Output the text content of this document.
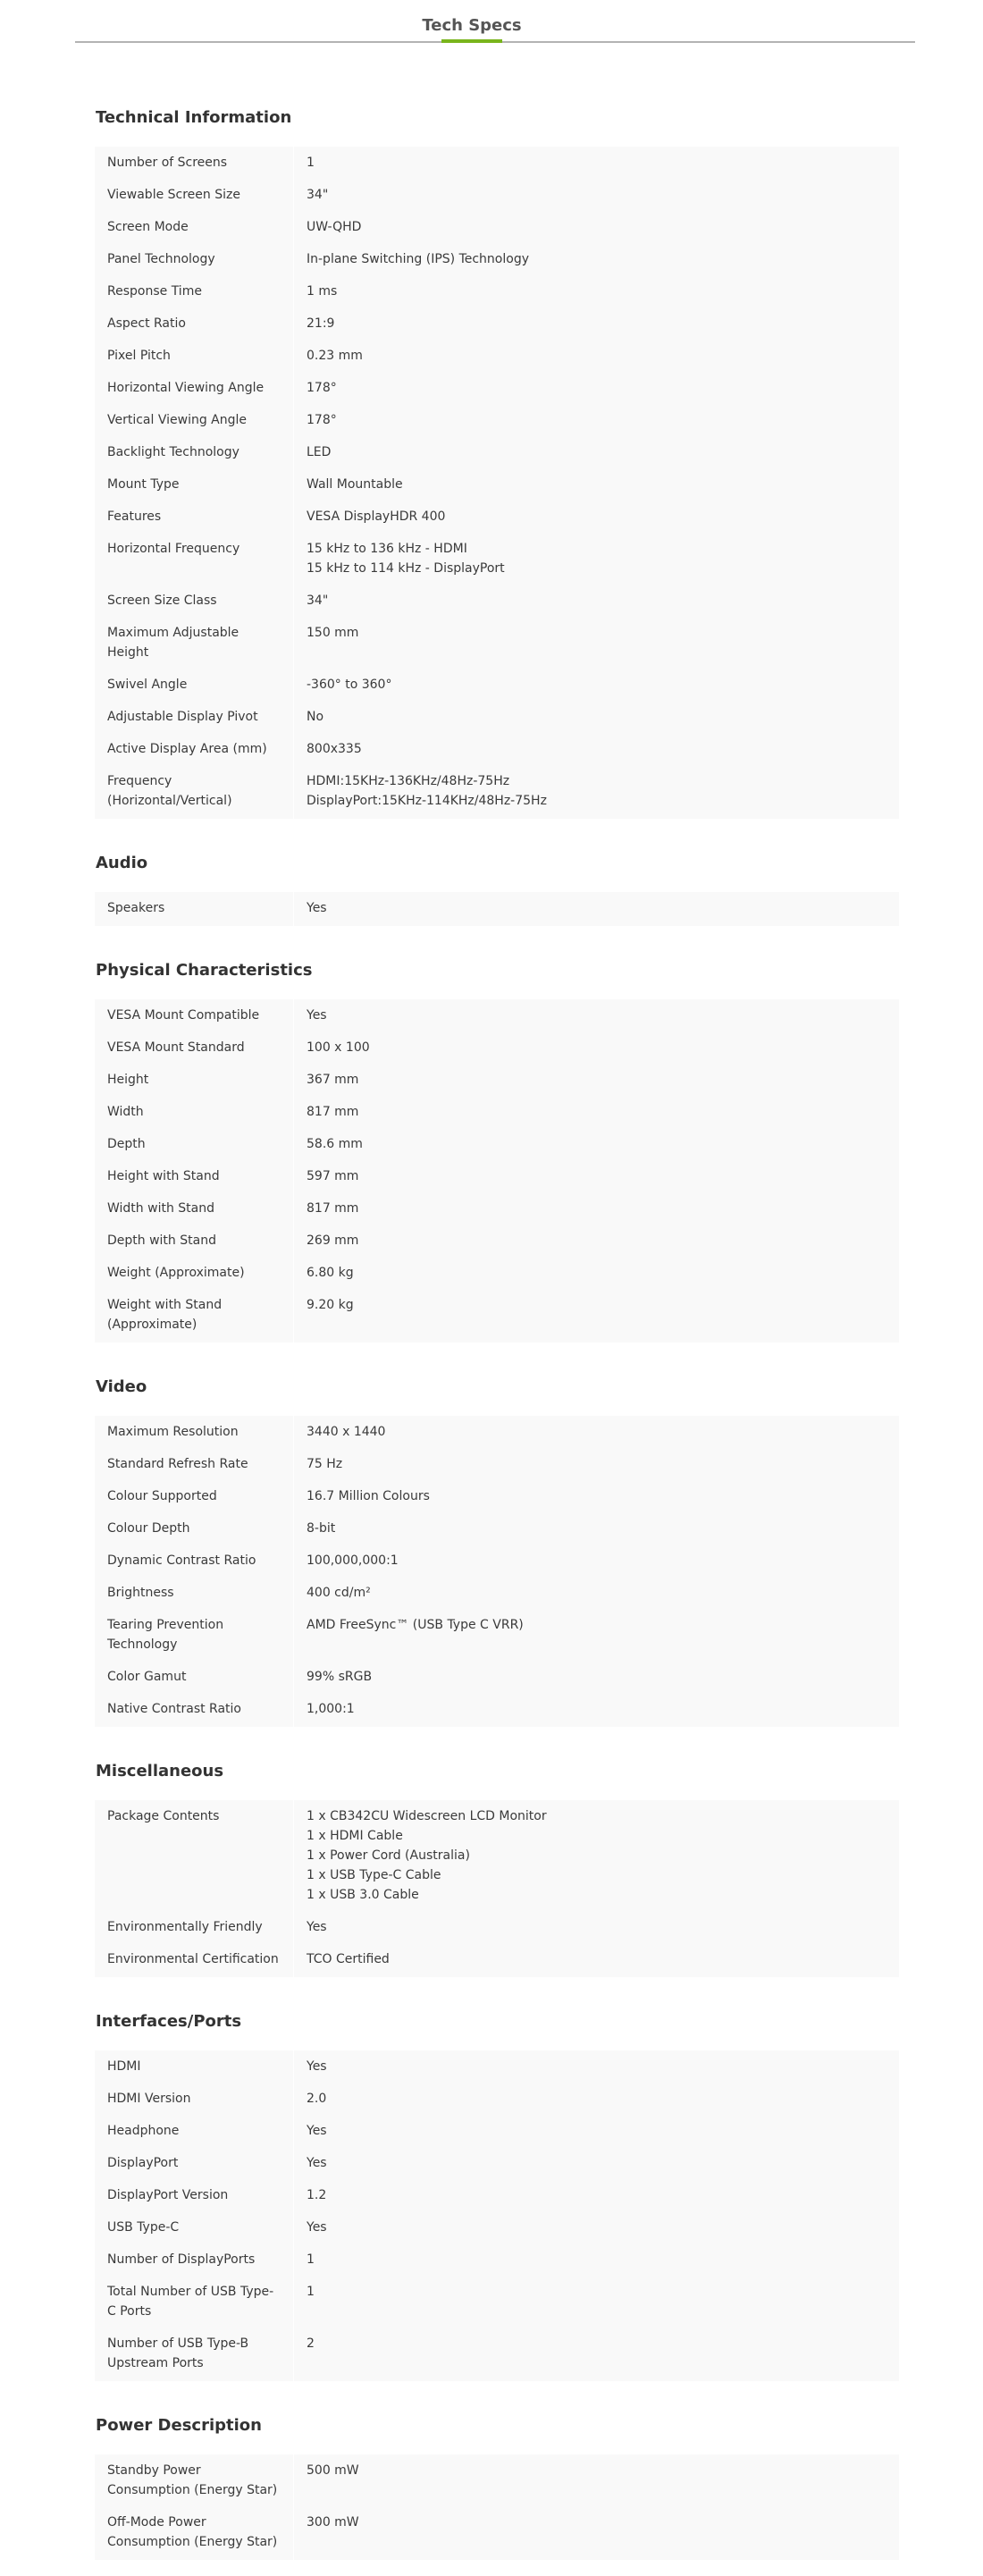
Tech Specs
Technical Information
Number of Screens	1

Viewable Screen Size	34"

Screen Mode	UW-QHD

Panel Technology	In-plane Switching (IPS) Technology

Response Time	1 ms

Aspect Ratio	21:9

Pixel Pitch	0.23 mm

Horizontal Viewing Angle	178°

Vertical Viewing Angle	178°

Backlight Technology	LED

Mount Type	Wall Mountable

Features	VESA DisplayHDR 400

Horizontal Frequency	15 kHz to 136 kHz - HDMI
15 kHz to 114 kHz - DisplayPort

Screen Size Class	34"

Maximum Adjustable Height	150 mm

Swivel Angle	-360° to 360°

Adjustable Display Pivot	No

Active Display Area (mm)	800x335

Frequency (Horizontal/Vertical)	HDMI:15KHz-136KHz/48Hz-75Hz
DisplayPort:15KHz-114KHz/48Hz-75Hz
Audio
Speakers	Yes
Physical Characteristics
VESA Mount Compatible	Yes

VESA Mount Standard	100 x 100

Height	367 mm

Width	817 mm

Depth	58.6 mm

Height with Stand	597 mm

Width with Stand	817 mm

Depth with Stand	269 mm

Weight (Approximate)	6.80 kg

Weight with Stand (Approximate)	9.20 kg
Video
Maximum Resolution	3440 x 1440

Standard Refresh Rate	75 Hz

Colour Supported	16.7 Million Colours

Colour Depth	8-bit

Dynamic Contrast Ratio	100,000,000:1

Brightness	400 cd/m²

Tearing Prevention Technology	AMD FreeSync™ (USB Type C VRR)

Color Gamut	99% sRGB

Native Contrast Ratio	1,000:1
Miscellaneous
Package Contents	1 x CB342CU Widescreen LCD Monitor
1 x HDMI Cable
1 x Power Cord (Australia)
1 x USB Type-C Cable
1 x USB 3.0 Cable

Environmentally Friendly	Yes

Environmental Certification	TCO Certified
Interfaces/Ports
HDMI	Yes

HDMI Version	2.0

Headphone	Yes

DisplayPort	Yes

DisplayPort Version	1.2

USB Type-C	Yes

Number of DisplayPorts	1

Total Number of USB Type-C Ports	1

Number of USB Type-B Upstream Ports	2
Power Description
Standby Power Consumption (Energy Star)	500 mW

Off-Mode Power Consumption (Energy Star)	300 mW
